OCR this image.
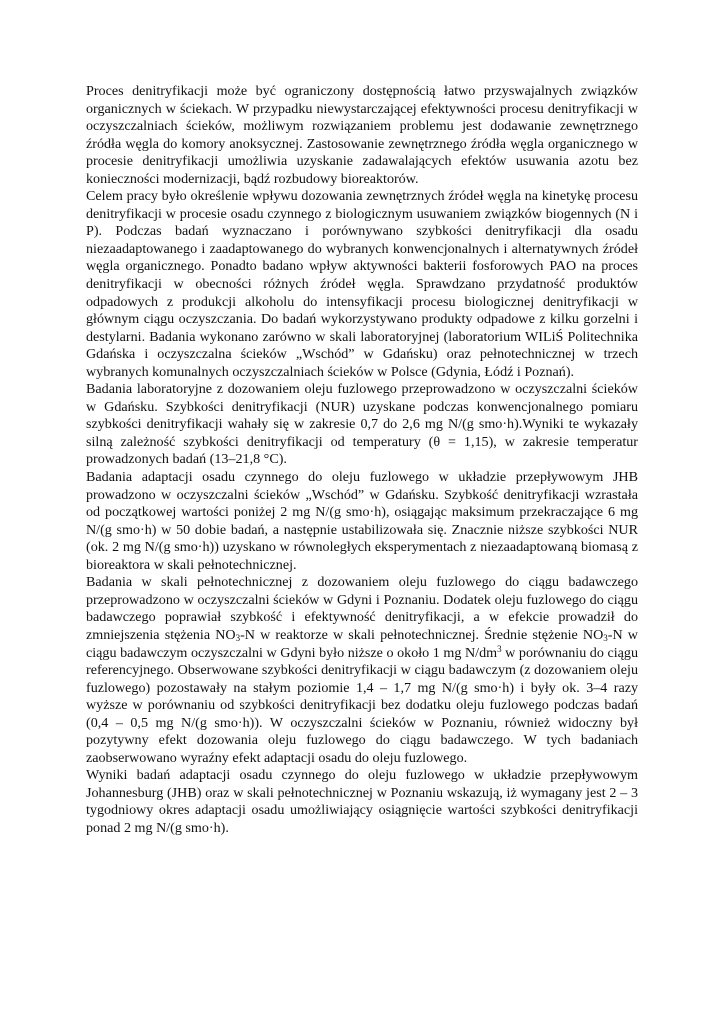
Proces denitryfikacji może być ograniczony dostępnością łatwo przyswajalnych związków organicznych w ściekach. W przypadku niewystarczającej efektywności procesu denitryfikacji w oczyszczalniach ścieków, możliwym rozwiązaniem problemu jest dodawanie zewnętrznego źródła węgla do komory anoksycznej. Zastosowanie zewnętrznego źródła węgla organicznego w procesie denitryfikacji umożliwia uzyskanie zadawalających efektów usuwania azotu bez konieczności modernizacji, bądź rozbudowy bioreaktorów.

Celem pracy było określenie wpływu dozowania zewnętrznych źródeł węgla na kinetykę procesu denitryfikacji w procesie osadu czynnego z biologicznym usuwaniem związków biogennych (N i P). Podczas badań wyznaczano i porównywano szybkości denitryfikacji dla osadu niezaadaptowanego i zaadaptowanego do wybranych konwencjonalnych i alternatywnych źródeł węgla organicznego. Ponadto badano wpływ aktywności bakterii fosforowych PAO na proces denitryfikacji w obecności różnych źródeł węgla. Sprawdzano przydatność produktów odpadowych z produkcji alkoholu do intensyfikacji procesu biologicznej denitryfikacji w głównym ciągu oczyszczania. Do badań wykorzystywano produkty odpadowe z kilku gorzelni i destylarni. Badania wykonano zarówno w skali laboratoryjnej (laboratorium WILiŚ Politechnika Gdańska i oczyszczalna ścieków „Wschód” w Gdańsku) oraz pełnotechnicznej w trzech wybranych komunalnych oczyszczalniach ścieków w Polsce (Gdynia, Łódź i Poznań).

Badania laboratoryjne z dozowaniem oleju fuzlowego przeprowadzono w oczyszczalni ścieków w Gdańsku. Szybkości denitryfikacji (NUR) uzyskane podczas konwencjonalnego pomiaru szybkości denitryfikacji wahały się w zakresie 0,7 do 2,6 mg N/(g smo·h).Wyniki te wykazały silną zależność szybkości denitryfikacji od temperatury (θ = 1,15), w zakresie temperatur prowadzonych badań (13–21,8 °C).

Badania adaptacji osadu czynnego do oleju fuzlowego w układzie przepływowym JHB prowadzono w oczyszczalni ścieków „Wschód” w Gdańsku. Szybkość denitryfikacji wzrastała od początkowej wartości poniżej 2 mg N/(g smo·h), osiągając maksimum przekraczające 6 mg N/(g smo·h) w 50 dobie badań, a następnie ustabilizowała się. Znacznie niższe szybkości NUR (ok. 2 mg N/(g smo·h)) uzyskano w równoległych eksperymentach z niezaadaptowaną biomasą z bioreaktora w skali pełnotechnicznej.

Badania w skali pełnotechnicznej z dozowaniem oleju fuzlowego do ciągu badawczego przeprowadzono w oczyszczalni ścieków w Gdyni i Poznaniu. Dodatek oleju fuzlowego do ciągu badawczego poprawiał szybkość i efektywność denitryfikacji, a w efekcie prowadził do zmniejszenia stężenia $NO_3-N$ w reaktorze w skali pełnotechnicznej. Średnie stężenie $NO_3-N$ w ciągu badawczym oczyszczalni w Gdyni było niższe o około 1 mg $N/dm^3$ w porównaniu do ciągu referencyjnego. Obserwowane szybkości denitryfikacji w ciągu badawczym (z dozowaniem oleju fuzlowego) pozostawały na stałym poziomie 1,4 – 1,7 mg N/(g smo·h) i były ok. 3–4 razy wyższe w porównaniu od szybkości denitryfikacji bez dodatku oleju fuzlowego podczas badań (0,4 – 0,5 mg N/(g smo·h)). W oczyszczalni ścieków w Poznaniu, również widoczny był pozytywny efekt dozowania oleju fuzlowego do ciągu badawczego. W tych badaniach zaobserwowano wyraźny efekt adaptacji osadu do oleju fuzlowego.

Wyniki badań adaptacji osadu czynnego do oleju fuzlowego w układzie przepływowym Johannesburg (JHB) oraz w skali pełnotechnicznej w Poznaniu wskazują, iż wymagany jest 2 – 3 tygodniowy okres adaptacji osadu umożliwiający osiągnięcie wartości szybkości denitryfikacji ponad 2 mg N/(g smo·h).
